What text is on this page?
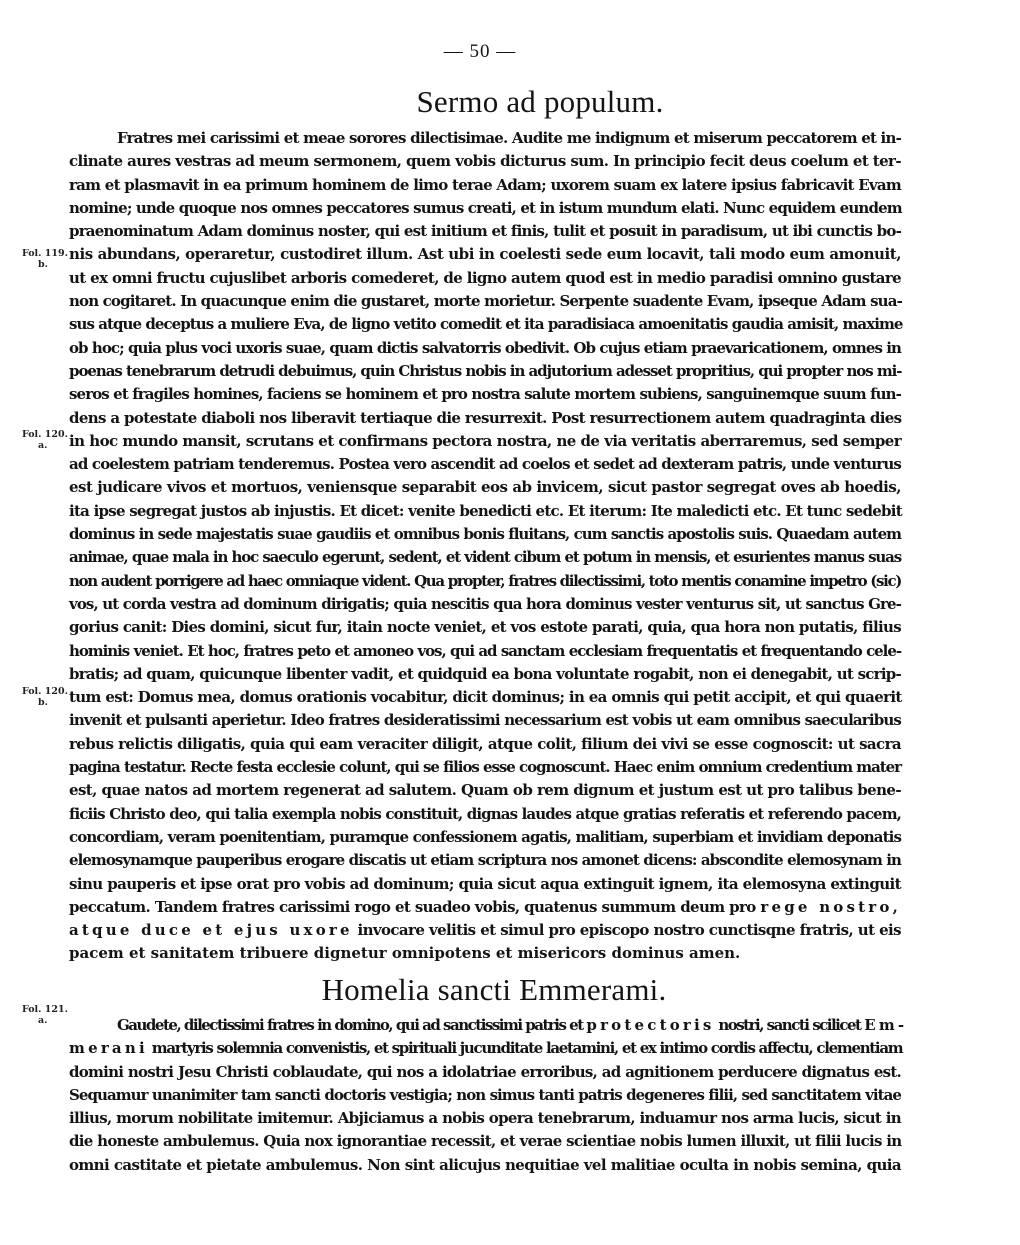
— 50 —
Sermo ad populum.
Fratres mei carissimi et meae sorores dilectisimae. Audite me indignum et miserum peccatorem et in-
clinate aures vestras ad meum sermonem, quem vobis dicturus sum. In principio fecit deus coelum et ter-
ram et plasmavit in ea primum hominem de limo terae Adam; uxorem suam ex latere ipsius fabricavit Evam
nomine; unde quoque nos omnes peccatores sumus creati, et in istum mundum elati. Nunc equidem eundem
praenominatum Adam dominus noster, qui est initium et finis, tulit et posuit in paradisum, ut ibi cunctis bo-
nis abundans, operaretur, custodiret illum. Ast ubi in coelesti sede eum locavit, tali modo eum amonuit,
ut ex omni fructu cujuslibet arboris comederet, de ligno autem quod est in medio paradisi omnino gustare
non cogitaret. In quacunque enim die gustaret, morte morietur. Serpente suadente Evam, ipseque Adam sua-
sus atque deceptus a muliere Eva, de ligno vetito comedit et ita paradisiaca amoenitatis gaudia amisit, maxime
ob hoc; quia plus voci uxoris suae, quam dictis salvatorris obedivit. Ob cujus etiam praevaricationem, omnes in
poenas tenebrarum detrudi debuimus, quin Christus nobis in adjutorium adesset propritius, qui propter nos mi-
seros et fragiles homines, faciens se hominem et pro nostra salute mortem subiens, sanguinemque suum fun-
dens a potestate diaboli nos liberavit tertiaque die resurrexit. Post resurrectionem autem quadraginta dies
in hoc mundo mansit, scrutans et confirmans pectora nostra, ne de via veritatis aberraremus, sed semper
ad coelestem patriam tenderemus. Postea vero ascendit ad coelos et sedet ad dexteram patris, unde venturus
est judicare vivos et mortuos, veniensque separabit eos ab invicem, sicut pastor segregat oves ab hoedis,
ita ipse segregat justos ab injustis. Et dicet: venite benedicti etc. Et iterum: Ite maledicti etc. Et tunc sedebit
dominus in sede majestatis suae gaudiis et omnibus bonis fluitans, cum sanctis apostolis suis. Quaedam autem
animae, quae mala in hoc saeculo egerunt, sedent, et vident cibum et potum in mensis, et esurientes manus suas
non audent porrigere ad haec omniaque vident. Qua propter, fratres dilectissimi, toto mentis conamine impetro (sic)
vos, ut corda vestra ad dominum dirigatis; quia nescitis qua hora dominus vester venturus sit, ut sanctus Gre-
gorius canit: Dies domini, sicut fur, itain nocte veniet, et vos estote parati, quia, qua hora non putatis, filius
hominis veniet. Et hoc, fratres peto et amoneo vos, qui ad sanctam ecclesiam frequentatis et frequentando cele-
bratis; ad quam, quicunque libenter vadit, et quidquid ea bona voluntate rogabit, non ei denegabit, ut scrip-
tum est: Domus mea, domus orationis vocabitur, dicit dominus; in ea omnis qui petit accipit, et qui quaerit
invenit et pulsanti aperietur. Ideo fratres desideratissimi necessarium est vobis ut eam omnibus saecularibus
rebus relictis diligatis, quia qui eam veraciter diligit, atque colit, filium dei vivi se esse cognoscit: ut sacra
pagina testatur. Recte festa ecclesie colunt, qui se filios esse cognoscunt. Haec enim omnium credentium mater
est, quae natos ad mortem regenerat ad salutem. Quam ob rem dignum et justum est ut pro talibus bene-
ficiis Christo deo, qui talia exempla nobis constituit, dignas laudes atque gratias referatis et referendo pacem,
concordiam, veram poenitentiam, puramque confessionem agatis, malitiam, superbiam et invidiam deponatis
elemosynamque pauperibus erogare discatis ut etiam scriptura nos amonet dicens: abscondite elemosynam in
sinu pauperis et ipse orat pro vobis ad dominum; quia sicut aqua extinguit ignem, ita elemosyna extinguit
peccatum. Tandem fratres carissimi rogo et suadeo vobis, quatenus summum deum pro rege nostro,
atque duce et ejus uxore invocare velitis et simul pro episcopo nostro cunctisqne fratris, ut eis
pacem et sanitatem tribuere dignetur omnipotens et misericors dominus amen.
Homelia sancti Emmerami.
Gaudete, dilectissimi fratres in domino, qui ad sanctissimi patris et protectoris nostri, sancti scilicet Em-
merani martyris solemnia convenistis, et spirituali jucunditate laetamini, et ex intimo cordis affectu, clementiam
domini nostri Jesu Christi coblaudate, qui nos a idolatriae erroribus, ad agnitionem perducere dignatus est.
Sequamur unanimiter tam sancti doctoris vestigia; non simus tanti patris degeneres filii, sed sanctitatem vitae
illius, morum nobilitate imitemur. Abjiciamus a nobis opera tenebrarum, induamur nos arma lucis, sicut in
die honeste ambulemus. Quia nox ignorantiae recessit, et verae scientiae nobis lumen illuxit, ut filii lucis in
omni castitate et pietate ambulemus. Non sint alicujus nequitiae vel malitiae oculta in nobis semina, quia
Fol. 119.
b.
Fol. 120.
a.
Fol. 120.
b.
Fol. 121.
a.
